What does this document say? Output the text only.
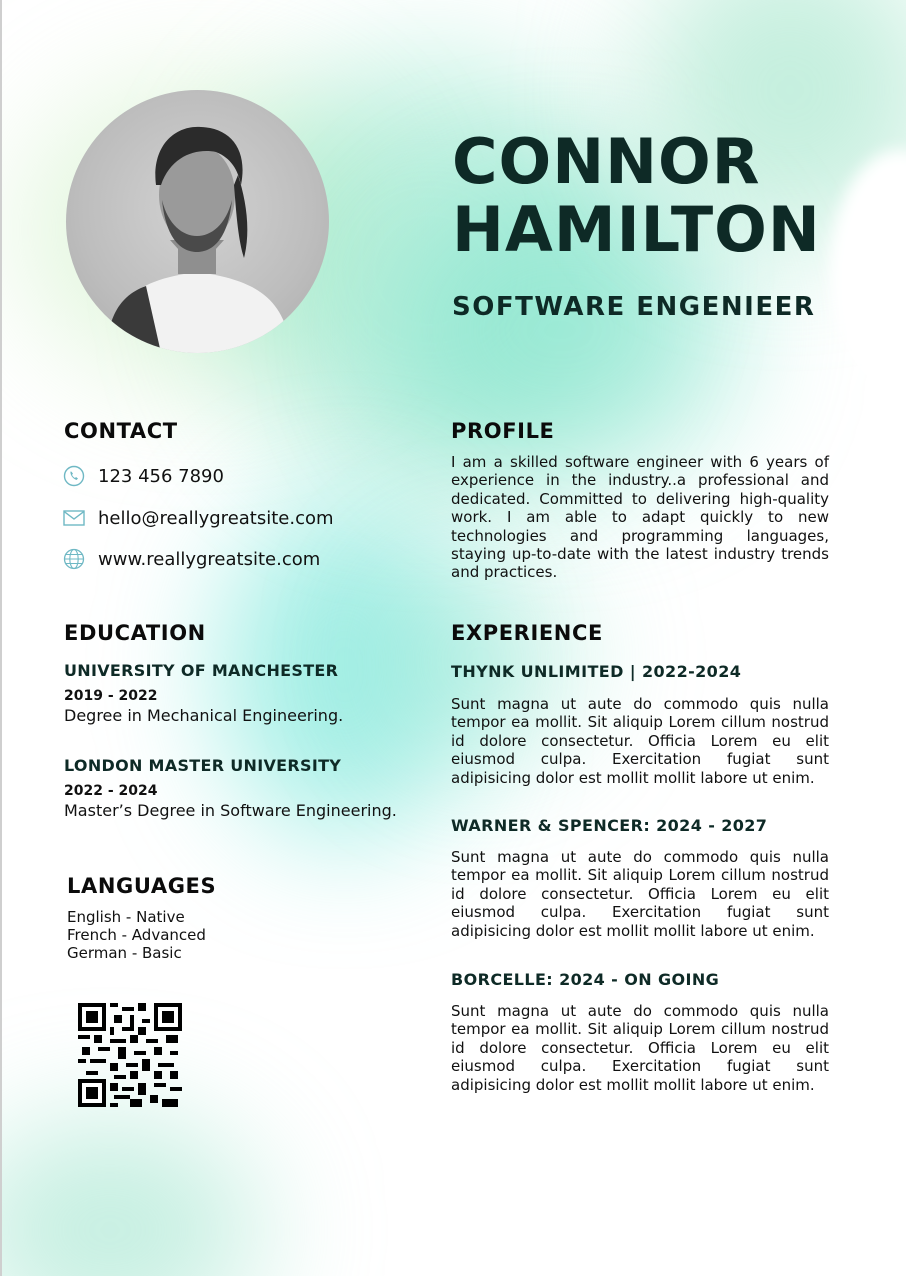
CONNOR
HAMILTON
SOFTWARE ENGENIEER
CONTACT
123 456 7890
hello@reallygreatsite.com
www.reallygreatsite.com
EDUCATION
UNIVERSITY OF MANCHESTER
2019 - 2022
Degree in Mechanical Engineering.
LONDON MASTER UNIVERSITY
2022 - 2024
Master’s Degree in Software Engineering.
LANGUAGES
English - Native
French - Advanced
German - Basic
PROFILE
I am a skilled software engineer with 6 years of experience in the industry..a professional and dedicated. Committed to delivering high-quality work. I am able to adapt quickly to new technologies and programming languages, staying up-to-date with the latest industry trends and practices.
EXPERIENCE
THYNK UNLIMITED | 2022-2024
Sunt magna ut aute do commodo quis nulla tempor ea mollit. Sit aliquip Lorem cillum nostrud id dolore consectetur. Officia Lorem eu elit eiusmod culpa. Exercitation fugiat sunt adipisicing dolor est mollit mollit labore ut enim.
WARNER & SPENCER: 2024 - 2027
Sunt magna ut aute do commodo quis nulla tempor ea mollit. Sit aliquip Lorem cillum nostrud id dolore consectetur. Officia Lorem eu elit eiusmod culpa. Exercitation fugiat sunt adipisicing dolor est mollit mollit labore ut enim.
BORCELLE: 2024 - ON GOING
Sunt magna ut aute do commodo quis nulla tempor ea mollit. Sit aliquip Lorem cillum nostrud id dolore consectetur. Officia Lorem eu elit eiusmod culpa. Exercitation fugiat sunt adipisicing dolor est mollit mollit labore ut enim.
